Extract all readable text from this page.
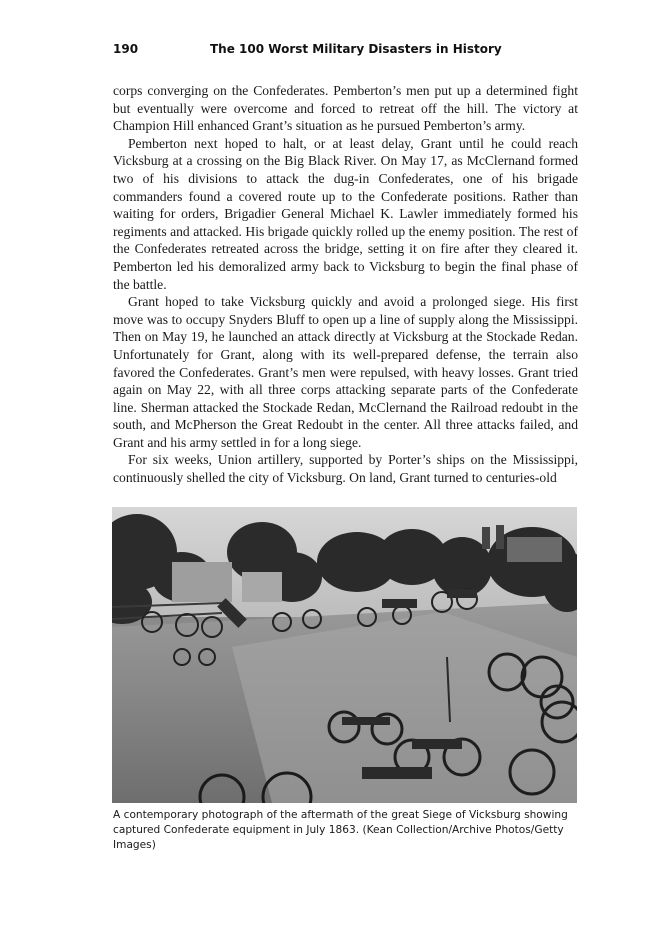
190	The 100 Worst Military Disasters in History

corps converging on the Confederates. Pemberton’s men put up a determined fight but eventually were overcome and forced to retreat off the hill. The victory at Champion Hill enhanced Grant’s situation as he pursued Pemberton’s army.

Pemberton next hoped to halt, or at least delay, Grant until he could reach Vicksburg at a crossing on the Big Black River. On May 17, as McClernand formed two of his divisions to attack the dug-in Confederates, one of his brigade commanders found a covered route up to the Confederate positions. Rather than waiting for orders, Brigadier General Michael K. Lawler immediately formed his regiments and attacked. His brigade quickly rolled up the enemy position. The rest of the Confederates retreated across the bridge, setting it on fire after they cleared it. Pemberton led his demoralized army back to Vicksburg to begin the final phase of the battle.

Grant hoped to take Vicksburg quickly and avoid a prolonged siege. His first move was to occupy Snyders Bluff to open up a line of supply along the Mississippi. Then on May 19, he launched an attack directly at Vicksburg at the Stockade Redan. Unfortunately for Grant, along with its well-prepared defense, the terrain also favored the Confederates. Grant’s men were repulsed, with heavy losses. Grant tried again on May 22, with all three corps attacking separate parts of the Confederate line. Sherman attacked the Stockade Redan, McClernand the Railroad redoubt in the south, and McPherson the Great Redoubt in the center. All three attacks failed, and Grant and his army settled in for a long siege.

For six weeks, Union artillery, supported by Porter’s ships on the Mississippi, continuously shelled the city of Vicksburg. On land, Grant turned to centuries-old

A contemporary photograph of the aftermath of the great Siege of Vicksburg showing captured Confederate equipment in July 1863. (Kean Collection/Archive Photos/Getty Images)
